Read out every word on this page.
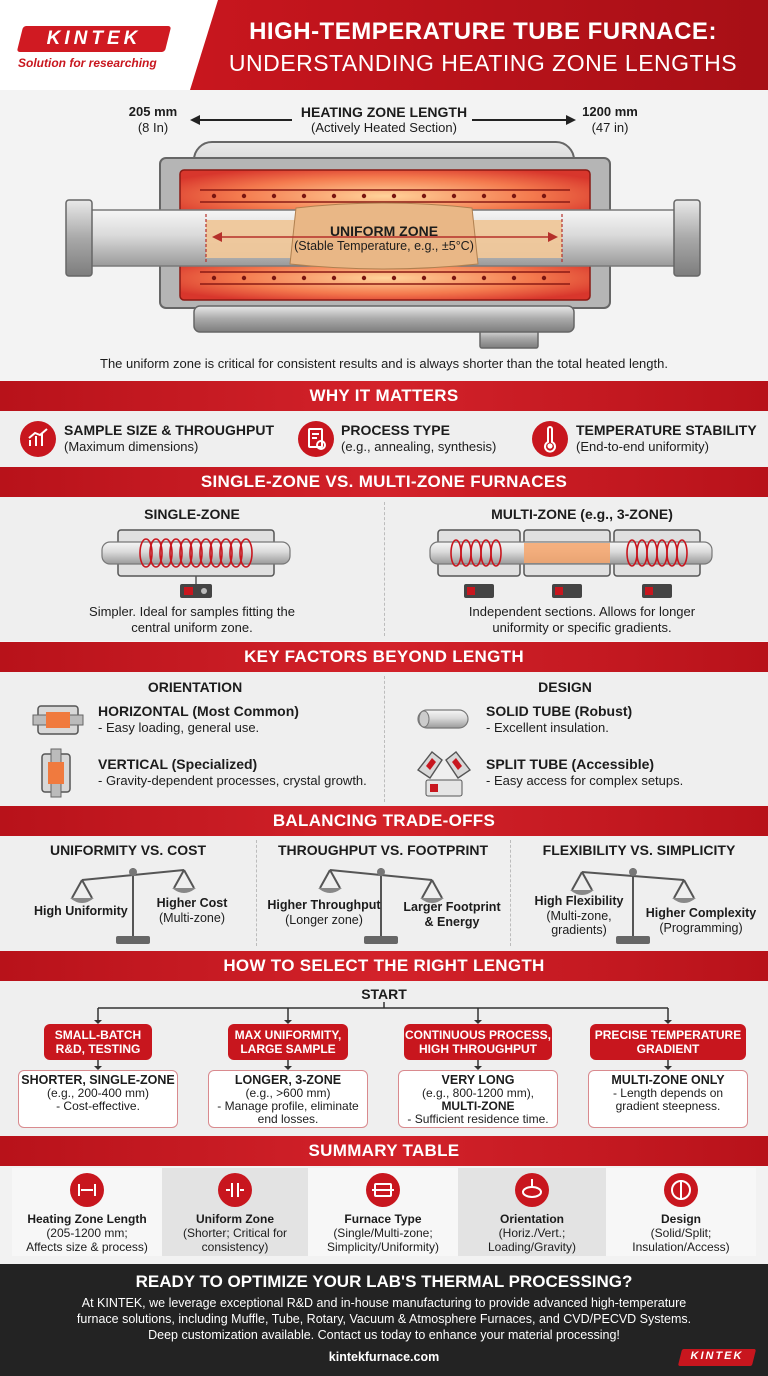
KINTEK
Solution for researching
HIGH-TEMPERATURE TUBE FURNACE:
UNDERSTANDING HEATING ZONE LENGTHS
205 mm
(8 In)
1200 mm
(47 in)
HEATING ZONE LENGTH
(Actively Heated Section)
UNIFORM ZONE
(Stable Temperature, e.g., ±5°C)
The uniform zone is critical for consistent results and is always shorter than the total heated length.
WHY IT MATTERS
SAMPLE SIZE & THROUGHPUT
(Maximum dimensions)
PROCESS TYPE
(e.g., annealing, synthesis)
TEMPERATURE STABILITY
(End-to-end uniformity)
SINGLE-ZONE VS. MULTI-ZONE FURNACES
SINGLE-ZONE
Simpler. Ideal for samples fitting the
central uniform zone.
MULTI-ZONE (e.g., 3-ZONE)
Independent sections. Allows for longer
uniformity or specific gradients.
KEY FACTORS BEYOND LENGTH
ORIENTATION	DESIGN
HORIZONTAL (Most Common)
- Easy loading, general use.
VERTICAL (Specialized)
- Gravity-dependent processes, crystal growth.
SOLID TUBE (Robust)
- Excellent insulation.
SPLIT TUBE (Accessible)
- Easy access for complex setups.
BALANCING TRADE-OFFS
UNIFORMITY VS. COST	THROUGHPUT VS. FOOTPRINT	FLEXIBILITY VS. SIMPLICITY
High Uniformity
Higher Cost
(Multi-zone)
Higher Throughput
(Longer zone)
Larger Footprint
& Energy
High Flexibility
(Multi-zone,
gradients)
Higher Complexity
(Programming)
HOW TO SELECT THE RIGHT LENGTH
START
SMALL-BATCH
R&D, TESTING
MAX UNIFORMITY,
LARGE SAMPLE
CONTINUOUS PROCESS,
HIGH THROUGHPUT
PRECISE TEMPERATURE
GRADIENT
SHORTER, SINGLE-ZONE
(e.g., 200-400 mm)
- Cost-effective.
LONGER, 3-ZONE
(e.g., >600 mm)
- Manage profile, eliminate
end losses.
VERY LONG
(e.g., 800-1200 mm),
MULTI-ZONE
- Sufficient residence time.
MULTI-ZONE ONLY
- Length depends on
gradient steepness.
SUMMARY TABLE
Heating Zone Length
(205-1200 mm;
Affects size & process)
Uniform Zone
(Shorter; Critical for
consistency)
Furnace Type
(Single/Multi-zone;
Simplicity/Uniformity)
Orientation
(Horiz./Vert.;
Loading/Gravity)
Design
(Solid/Split;
Insulation/Access)
READY TO OPTIMIZE YOUR LAB'S THERMAL PROCESSING?
At KINTEK, we leverage exceptional R&D and in-house manufacturing to provide advanced high-temperature
furnace solutions, including Muffle, Tube, Rotary, Vacuum & Atmosphere Furnaces, and CVD/PECVD Systems.
Deep customization available. Contact us today to enhance your material processing!
kintekfurnace.com	KINTEK
